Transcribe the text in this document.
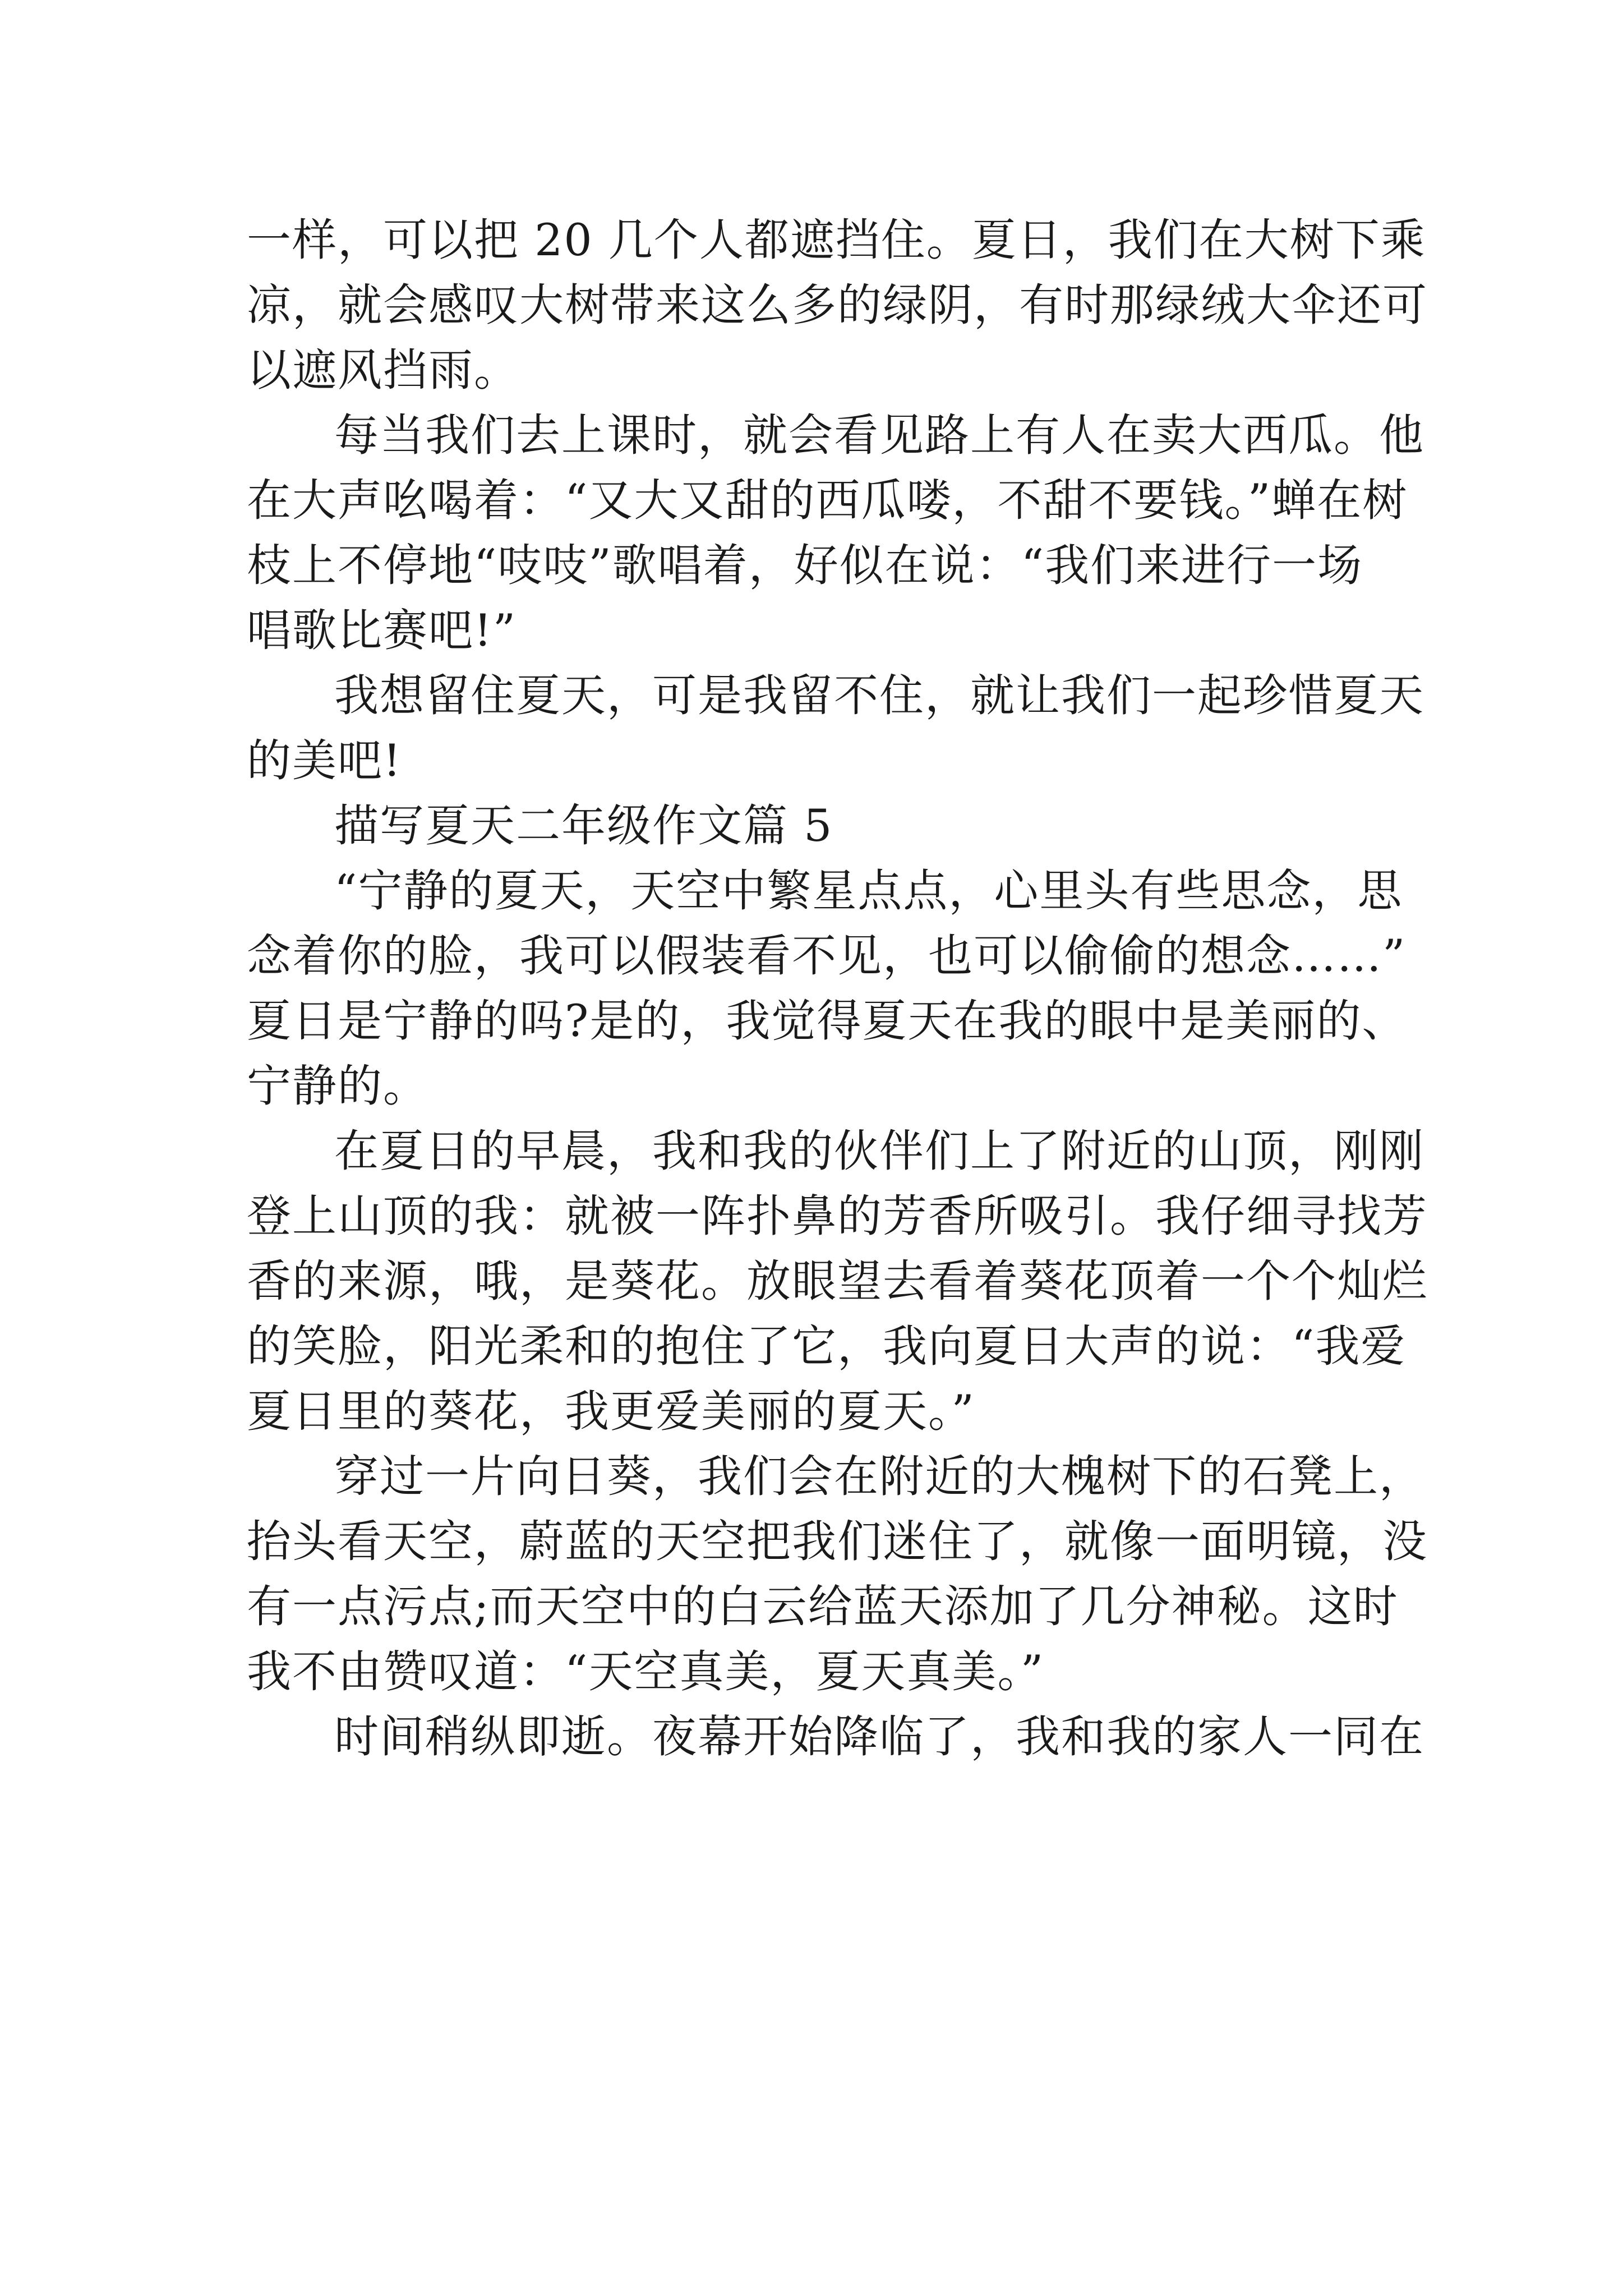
一样，可以把 20 几个人都遮挡住。夏日，我们在大树下乘
凉，就会感叹大树带来这么多的绿阴，有时那绿绒大伞还可
以遮风挡雨。
每当我们去上课时，就会看见路上有人在卖大西瓜。他
在大声吆喝着：“又大又甜的西瓜喽，不甜不要钱。”蝉在树
枝上不停地“吱吱”歌唱着，好似在说：“我们来进行一场
唱歌比赛吧!”
我想留住夏天，可是我留不住，就让我们一起珍惜夏天
的美吧!
描写夏天二年级作文篇 5
“宁静的夏天，天空中繁星点点，心里头有些思念，思
念着你的脸，我可以假装看不见，也可以偷偷的想念……”
夏日是宁静的吗?是的，我觉得夏天在我的眼中是美丽的、
宁静的。
在夏日的早晨，我和我的伙伴们上了附近的山顶，刚刚
登上山顶的我：就被一阵扑鼻的芳香所吸引。我仔细寻找芳
香的来源，哦，是葵花。放眼望去看着葵花顶着一个个灿烂
的笑脸，阳光柔和的抱住了它，我向夏日大声的说：“我爱
夏日里的葵花，我更爱美丽的夏天。”
穿过一片向日葵，我们会在附近的大槐树下的石凳上，
抬头看天空，蔚蓝的天空把我们迷住了，就像一面明镜，没
有一点污点;而天空中的白云给蓝天添加了几分神秘。这时
我不由赞叹道：“天空真美，夏天真美。”
时间稍纵即逝。夜幕开始降临了，我和我的家人一同在
